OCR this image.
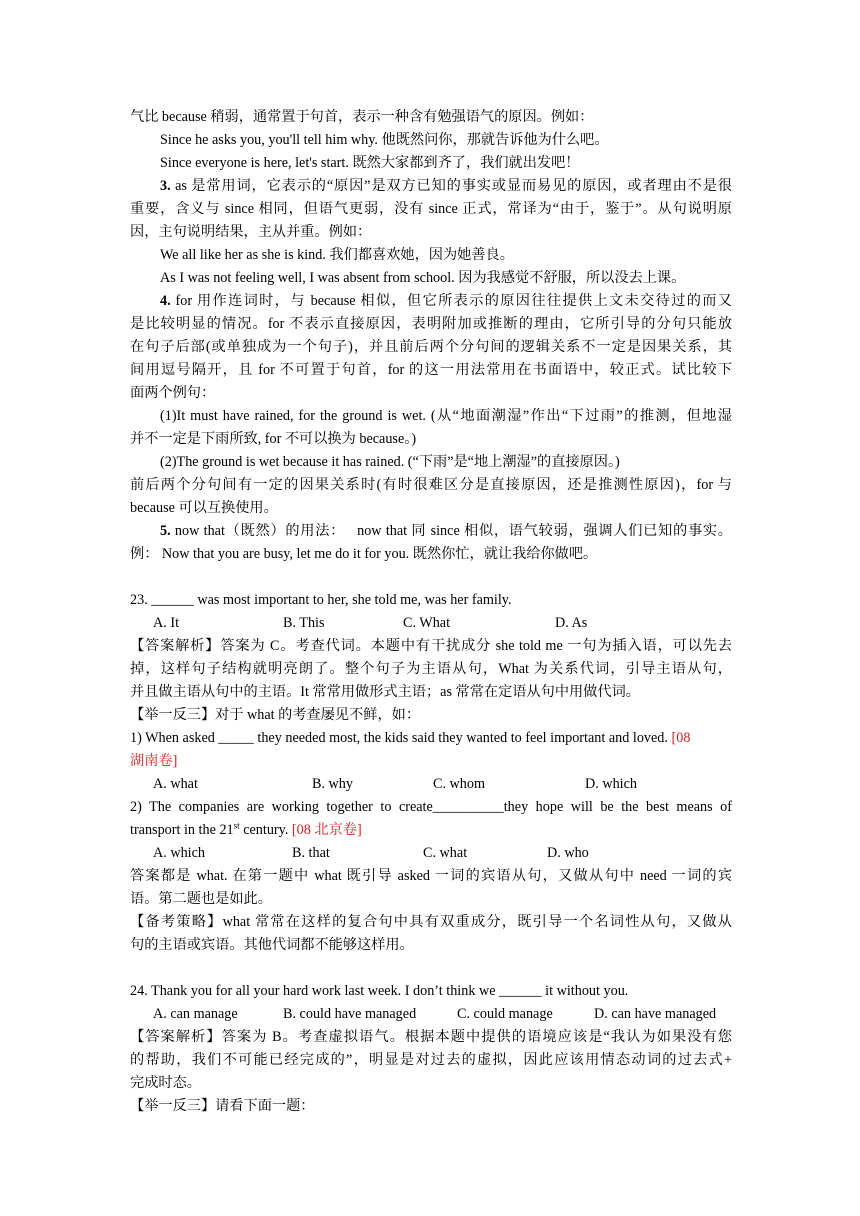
气比 because 稍弱，通常置于句首，表示一种含有勉强语气的原因。例如：
Since he asks you, you'll tell him why. 他既然问你，那就告诉他为什么吧。
Since everyone is here, let's start. 既然大家都到齐了，我们就出发吧！
3. as 是常用词，它表示的“原因”是双方已知的事实或显而易见的原因，或者理由不是很
重要，含义与 since 相同，但语气更弱，没有 since 正式，常译为“由于，鉴于”。从句说明原
因，主句说明结果，主从并重。例如：
We all like her as she is kind. 我们都喜欢她，因为她善良。
As I was not feeling well, I was absent from school. 因为我感觉不舒服，所以没去上课。
4. for 用作连词时，与 because 相似，但它所表示的原因往往提供上文未交待过的而又
是比较明显的情况。for 不表示直接原因，表明附加或推断的理由，它所引导的分句只能放
在句子后部(或单独成为一个句子)，并且前后两个分句间的逻辑关系不一定是因果关系，其
间用逗号隔开，且 for 不可置于句首，for 的这一用法常用在书面语中，较正式。试比较下
面两个例句：
(1)It must have rained, for the ground is wet. (从“地面潮湿”作出“下过雨”的推测，但地湿
并不一定是下雨所致, for 不可以换为 because。)
(2)The ground is wet because it has rained. (“下雨”是“地上潮湿”的直接原因。)
前后两个分句间有一定的因果关系时(有时很难区分是直接原因，还是推测性原因)，for 与
because 可以互换使用。
5. now that（既然）的用法： now that 同 since 相似，语气较弱，强调人们已知的事实。
例： Now that you are busy, let me do it for you. 既然你忙，就让我给你做吧。
23. ______ was most important to her, she told me, was her family.
A. It	B. This	C. What	D. As
【答案解析】答案为 C。考查代词。本题中有干扰成分 she told me 一句为插入语，可以先去
掉，这样句子结构就明亮朗了。整个句子为主语从句，What 为关系代词，引导主语从句，
并且做主语从句中的主语。It 常常用做形式主语；as 常常在定语从句中用做代词。
【举一反三】对于 what 的考查屡见不鲜，如：
1) When asked _____ they needed most, the kids said they wanted to feel important and loved. [08
湖南卷]
A. what	B. why	C. whom	D. which
2) The companies are working together to create__________they hope will be the best means of
transport in the 21st century. [08 北京卷]
A. which	B. that	C. what	D. who
答案都是 what. 在第一题中 what 既引导 asked 一词的宾语从句，又做从句中 need 一词的宾
语。第二题也是如此。
【备考策略】what 常常在这样的复合句中具有双重成分，既引导一个名词性从句，又做从
句的主语或宾语。其他代词都不能够这样用。
24. Thank you for all your hard work last week. I don’t think we ______ it without you.
A. can manage	B. could have managed	C. could manage	D. can have managed
【答案解析】答案为 B。考查虚拟语气。根据本题中提供的语境应该是“我认为如果没有您
的帮助，我们不可能已经完成的”，明显是对过去的虚拟，因此应该用情态动词的过去式+
完成时态。
【举一反三】请看下面一题：
